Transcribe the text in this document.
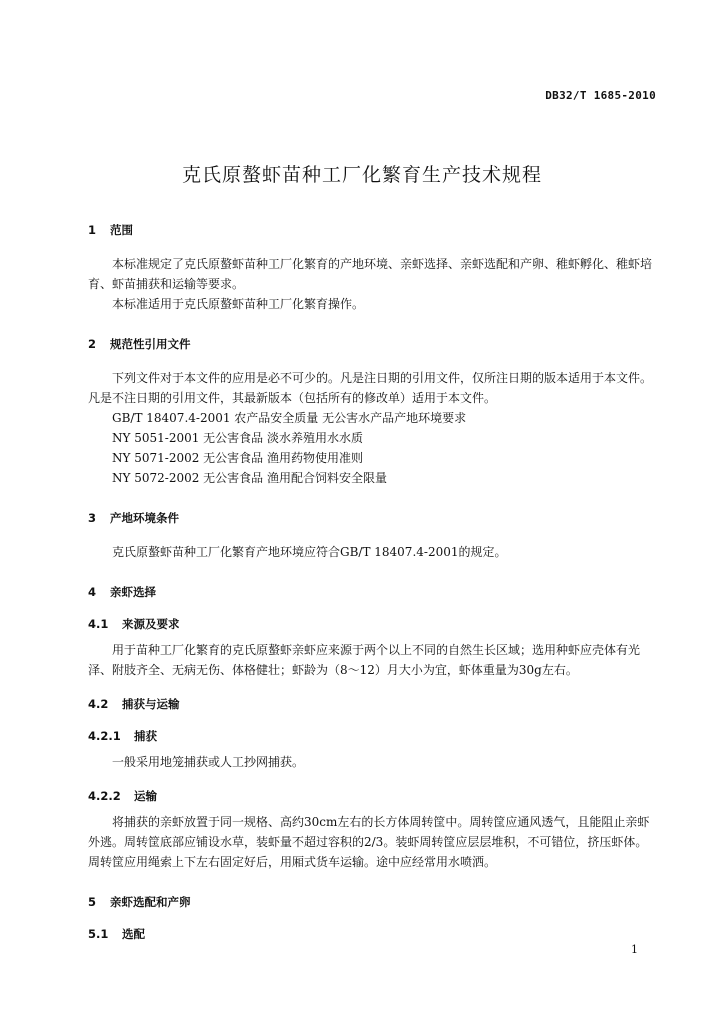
DB32/T 1685-2010
克氏原螯虾苗种工厂化繁育生产技术规程
1 范围

本标准规定了克氏原螯虾苗种工厂化繁育的产地环境、亲虾选择、亲虾选配和产卵、稚虾孵化、稚虾培育、虾苗捕获和运输等要求。

本标准适用于克氏原螯虾苗种工厂化繁育操作。

2 规范性引用文件

下列文件对于本文件的应用是必不可少的。凡是注日期的引用文件，仅所注日期的版本适用于本文件。凡是不注日期的引用文件，其最新版本（包括所有的修改单）适用于本文件。

GB/T 18407.4-2001 农产品安全质量 无公害水产品产地环境要求
NY 5051-2001 无公害食品 淡水养殖用水水质
NY 5071-2002 无公害食品 渔用药物使用准则
NY 5072-2002 无公害食品 渔用配合饲料安全限量
3 产地环境条件

克氏原螯虾苗种工厂化繁育产地环境应符合GB/T 18407.4-2001的规定。

4 亲虾选择
4.1 来源及要求

用于苗种工厂化繁育的克氏原螯虾亲虾应来源于两个以上不同的自然生长区域；选用种虾应壳体有光泽、附肢齐全、无病无伤、体格健壮；虾龄为（8～12）月大小为宜，虾体重量为30g左右。

4.2 捕获与运输
4.2.1 捕获

一般采用地笼捕获或人工抄网捕获。

4.2.2 运输

将捕获的亲虾放置于同一规格、高约30cm左右的长方体周转筐中。周转筐应通风透气，且能阻止亲虾外逃。周转筐底部应铺设水草，装虾量不超过容积的2/3。装虾周转筐应层层堆积，不可错位，挤压虾体。周转筐应用绳索上下左右固定好后，用厢式货车运输。途中应经常用水喷洒。

5 亲虾选配和产卵
5.1 选配
1
